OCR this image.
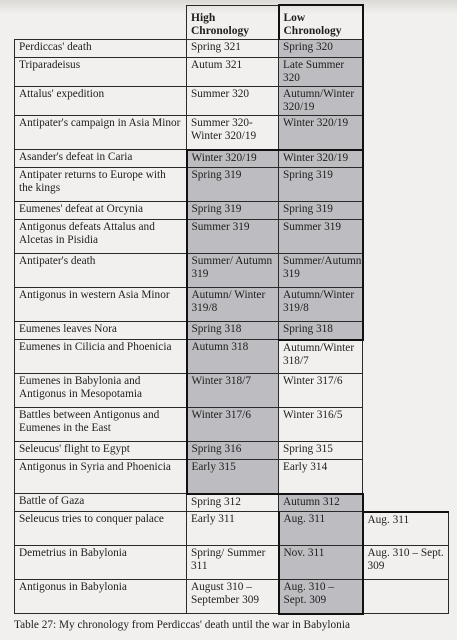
	High Chronology	Low Chronology	
Perdiccas' death	Spring 321	Spring 320	
Triparadeisus	Autum 321	Late Summer 320	
Attalus' expedition	Summer 320	Autumn/Winter 320/19	
Antipater's campaign in Asia Minor	Summer 320-Winter 320/19	Winter 320/19	
Asander's defeat in Caria	Winter 320/19	Winter 320/19	
Antipater returns to Europe with the kings	Spring 319	Spring 319	
Eumenes' defeat at Orcynia	Spring 319	Spring 319	
Antigonus defeats Attalus and Alcetas in Pisidia	Summer 319	Summer 319	
Antipater's death	Summer/ Autumn 319	Summer/Autumn 319	
Antigonus in western Asia Minor	Autumn/ Winter 319/8	Autumn/Winter 319/8	
Eumenes leaves Nora	Spring 318	Spring 318	
Eumenes in Cilicia and Phoenicia	Autumn 318	Autumn/Winter 318/7	
Eumenes in Babylonia and Antigonus in Mesopotamia	Winter 318/7	Winter 317/6	
Battles between Antigonus and Eumenes in the East	Winter 317/6	Winter 316/5	
Seleucus' flight to Egypt	Spring 316	Spring 315	
Antigonus in Syria and Phoenicia	Early 315	Early 314	
Battle of Gaza	Spring 312	Autumn 312	
Seleucus tries to conquer palace	Early 311	Aug. 311	Aug. 311
Demetrius in Babylonia	Spring/ Summer 311	Nov. 311	Aug. 310 – Sept. 309
Antigonus in Babylonia	August 310 – September 309	Aug. 310 – Sept. 309	
Table 27: My chronology from Perdiccas' death until the war in Babylonia
